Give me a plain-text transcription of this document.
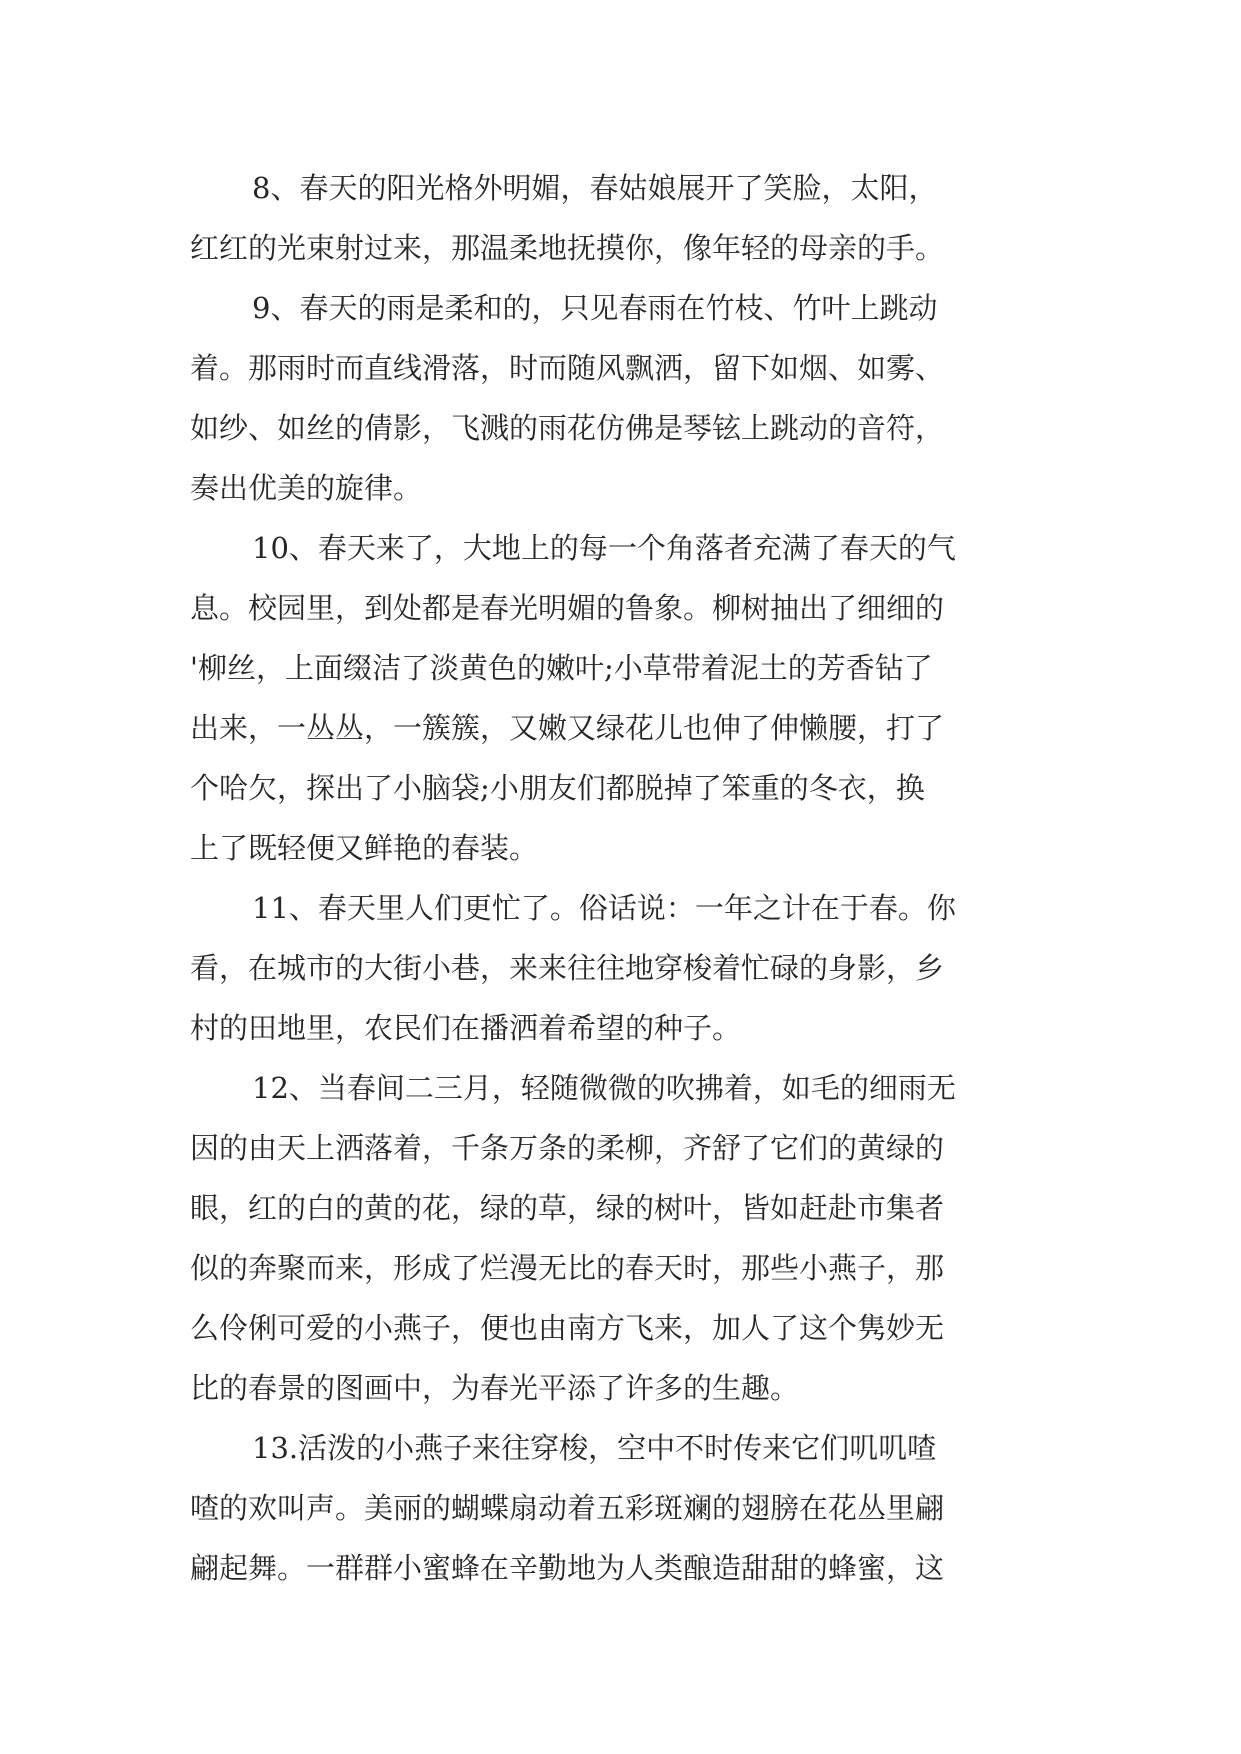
8、春天的阳光格外明媚，春姑娘展开了笑脸，太阳，
红红的光束射过来，那温柔地抚摸你，像年轻的母亲的手。
9、春天的雨是柔和的，只见春雨在竹枝、竹叶上跳动
着。那雨时而直线滑落，时而随风飘洒，留下如烟、如雾、
如纱、如丝的倩影，飞溅的雨花仿佛是琴铉上跳动的音符，
奏出优美的旋律。
10、春天来了，大地上的每一个角落者充满了春天的气
息。校园里，到处都是春光明媚的鲁象。柳树抽出了细细的
'柳丝，上面缀洁了淡黄色的嫩叶;小草带着泥土的芳香钻了
出来，一丛丛，一簇簇，又嫩又绿花儿也伸了伸懒腰，打了
个哈欠，探出了小脑袋;小朋友们都脱掉了笨重的冬衣，换
上了既轻便又鲜艳的春装。
11、春天里人们更忙了。俗话说：一年之计在于春。你
看，在城市的大街小巷，来来往往地穿梭着忙碌的身影，乡
村的田地里，农民们在播洒着希望的种子。
12、当春间二三月，轻随微微的吹拂着，如毛的细雨无
因的由天上洒落着，千条万条的柔柳，齐舒了它们的黄绿的
眼，红的白的黄的花，绿的草，绿的树叶，皆如赶赴市集者
似的奔聚而来，形成了烂漫无比的春天时，那些小燕子，那
么伶俐可爱的小燕子，便也由南方飞来，加人了这个隽妙无
比的春景的图画中，为春光平添了许多的生趣。
13.活泼的小燕子来往穿梭，空中不时传来它们叽叽喳
喳的欢叫声。美丽的蝴蝶扇动着五彩斑斓的翅膀在花丛里翩
翩起舞。一群群小蜜蜂在辛勤地为人类酿造甜甜的蜂蜜，这
